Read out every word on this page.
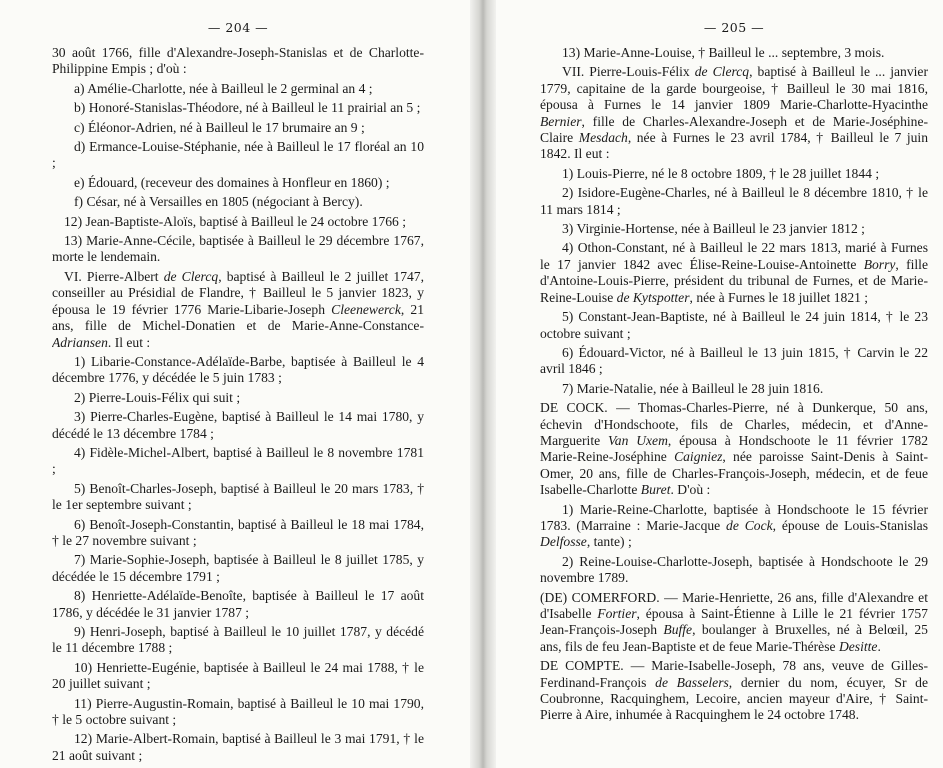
— 204 —

30 août 1766, fille d'Alexandre-Joseph-Stanislas et de Charlotte-Philippine Empis ; d'où :

a) Amélie-Charlotte, née à Bailleul le 2 germinal an 4 ;

b) Honoré-Stanislas-Théodore, né à Bailleul le 11 prairial an 5 ;

c) Éléonor-Adrien, né à Bailleul le 17 brumaire an 9 ;

d) Ermance-Louise-Stéphanie, née à Bailleul le 17 floréal an 10 ;

e) Édouard, (receveur des domaines à Honfleur en 1860) ;

f) César, né à Versailles en 1805 (négociant à Bercy).

12) Jean-Baptiste-Aloïs, baptisé à Bailleul le 24 octobre 1766 ;

13) Marie-Anne-Cécile, baptisée à Bailleul le 29 décembre 1767, morte le lendemain.

VI. Pierre-Albert de Clercq, baptisé à Bailleul le 2 juillet 1747, conseiller au Présidial de Flandre, † Bailleul le 5 janvier 1823, y épousa le 19 février 1776 Marie-Libarie-Joseph Cleenewerck, 21 ans, fille de Michel-Donatien et de Marie-Anne-Constance-Adriansen. Il eut :

1) Libarie-Constance-Adélaïde-Barbe, baptisée à Bailleul le 4 décembre 1776, y décédée le 5 juin 1783 ;

2) Pierre-Louis-Félix qui suit ;

3) Pierre-Charles-Eugène, baptisé à Bailleul le 14 mai 1780, y décédé le 13 décembre 1784 ;

4) Fidèle-Michel-Albert, baptisé à Bailleul le 8 novembre 1781 ;

5) Benoît-Charles-Joseph, baptisé à Bailleul le 20 mars 1783, † le 1er septembre suivant ;

6) Benoît-Joseph-Constantin, baptisé à Bailleul le 18 mai 1784, † le 27 novembre suivant ;

7) Marie-Sophie-Joseph, baptisée à Bailleul le 8 juillet 1785, y décédée le 15 décembre 1791 ;

8) Henriette-Adélaïde-Benoîte, baptisée à Bailleul le 17 août 1786, y décédée le 31 janvier 1787 ;

9) Henri-Joseph, baptisé à Bailleul le 10 juillet 1787, y décédé le 11 décembre 1788 ;

10) Henriette-Eugénie, baptisée à Bailleul le 24 mai 1788, † le 20 juillet suivant ;

11) Pierre-Augustin-Romain, baptisé à Bailleul le 10 mai 1790, † le 5 octobre suivant ;

12) Marie-Albert-Romain, baptisé à Bailleul le 3 mai 1791, † le 21 août suivant ;

— 205 —

13) Marie-Anne-Louise, † Bailleul le ... septembre, 3 mois.

VII. Pierre-Louis-Félix de Clercq, baptisé à Bailleul le ... janvier 1779, capitaine de la garde bourgeoise, † Bailleul le 30 mai 1816, épousa à Furnes le 14 janvier 1809 Marie-Charlotte-Hyacinthe Bernier, fille de Charles-Alexandre-Joseph et de Marie-Joséphine-Claire Mesdach, née à Furnes le 23 avril 1784, † Bailleul le 7 juin 1842. Il eut :

1) Louis-Pierre, né le 8 octobre 1809, † le 28 juillet 1844 ;

2) Isidore-Eugène-Charles, né à Bailleul le 8 décembre 1810, † le 11 mars 1814 ;

3) Virginie-Hortense, née à Bailleul le 23 janvier 1812 ;

4) Othon-Constant, né à Bailleul le 22 mars 1813, marié à Furnes le 17 janvier 1842 avec Élise-Reine-Louise-Antoinette Borry, fille d'Antoine-Louis-Pierre, président du tribunal de Furnes, et de Marie-Reine-Louise de Kytspotter, née à Furnes le 18 juillet 1821 ;

5) Constant-Jean-Baptiste, né à Bailleul le 24 juin 1814, † le 23 octobre suivant ;

6) Édouard-Victor, né à Bailleul le 13 juin 1815, † Carvin le 22 avril 1846 ;

7) Marie-Natalie, née à Bailleul le 28 juin 1816.

DE COCK. — Thomas-Charles-Pierre, né à Dunkerque, 50 ans, échevin d'Hondschoote, fils de Charles, médecin, et d'Anne-Marguerite Van Uxem, épousa à Hondschoote le 11 février 1782 Marie-Reine-Joséphine Caigniez, née paroisse Saint-Denis à Saint-Omer, 20 ans, fille de Charles-François-Joseph, médecin, et de feue Isabelle-Charlotte Buret. D'où :

1) Marie-Reine-Charlotte, baptisée à Hondschoote le 15 février 1783. (Marraine : Marie-Jacque de Cock, épouse de Louis-Stanislas Delfosse, tante) ;

2) Reine-Louise-Charlotte-Joseph, baptisée à Hondschoote le 29 novembre 1789.

(DE) COMERFORD. — Marie-Henriette, 26 ans, fille d'Alexandre et d'Isabelle Fortier, épousa à Saint-Étienne à Lille le 21 février 1757 Jean-François-Joseph Buffe, boulanger à Bruxelles, né à Belœil, 25 ans, fils de feu Jean-Baptiste et de feue Marie-Thérèse Desitte.

DE COMPTE. — Marie-Isabelle-Joseph, 78 ans, veuve de Gilles-Ferdinand-François de Basselers, dernier du nom, écuyer, Sr de Coubronne, Racquinghem, Lecoire, ancien mayeur d'Aire, † Saint-Pierre à Aire, inhumée à Racquinghem le 24 octobre 1748.
